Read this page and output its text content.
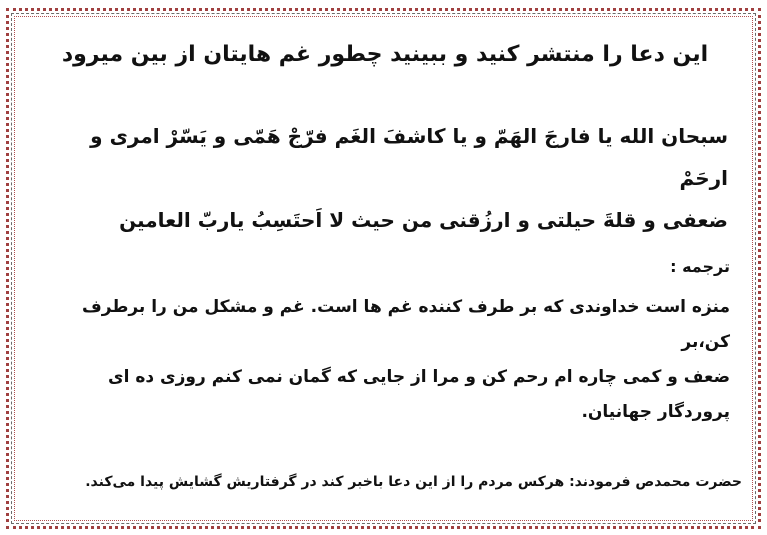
این دعا را منتشر کنید و ببینید چطور غم هایتان از بین میرود
سبحان الله یا فارجَ الهَمّ و یا کاشفَ الغَم فرّجْ هَمّی و یَسّرْ امری و ارحَمْ
ضعفی و قلةَ حیلتی و ارزُقنی من حیث لا اَحتَسِبُ یاربّ العامین
ترجمه :
منزه است خداوندی که بر طرف کننده غم ها است. غم و مشکل من را برطرف کن،بر
ضعف و کمی چاره ام رحم کن و مرا از جایی که گمان نمی کنم روزی ده ای
پروردگار جهانیان.
حضرت محمدص فرمودند: هرکس مردم را از این دعا باخبر کند در گرفتاریش گشایش پیدا می‌کند.
